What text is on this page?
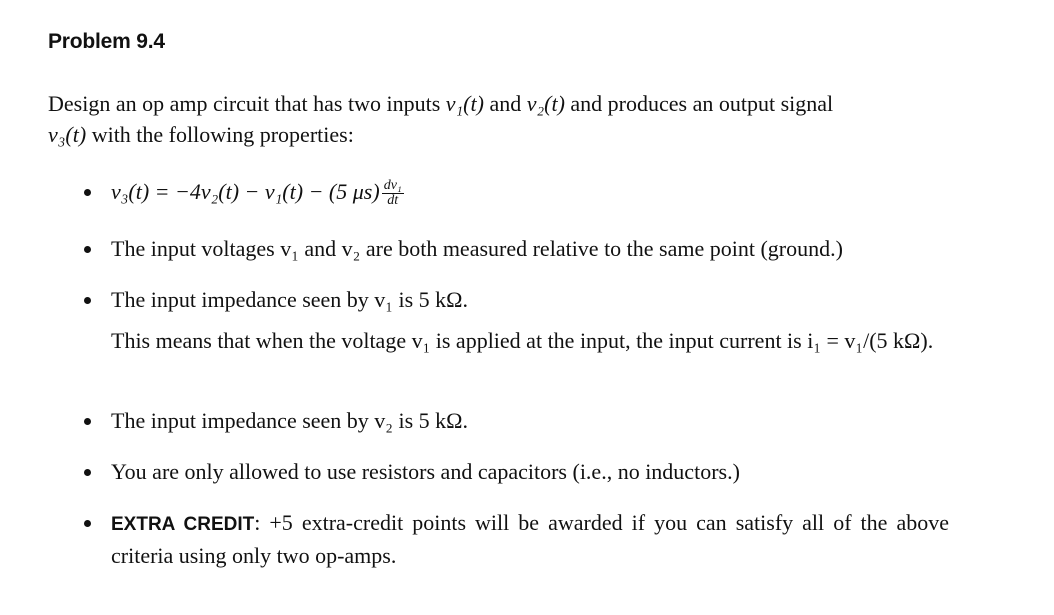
Problem 9.4
Design an op amp circuit that has two inputs v₁(t) and v₂(t) and produces an output signal
v₃(t) with the following properties:
v₃(t) = −4v₂(t) − v₁(t) − (5 $\mu s) \frac{\text{dv₁}}{dt}$
The input voltages v₁ and v₂ are both measured relative to the same point (ground.)
The input impedance seen by v₁ is 5 kΩ.
This means that when the voltage v₁ is applied at the input, the input current is i₁ = v₁/(5 kΩ).
The input impedance seen by v₂ is 5 kΩ.
You are only allowed to use resistors and capacitors (i.e., no inductors.)
EXTRA CREDIT: +5 extra-credit points will be awarded if you can satisfy all of the above criteria using only two op-amps.
